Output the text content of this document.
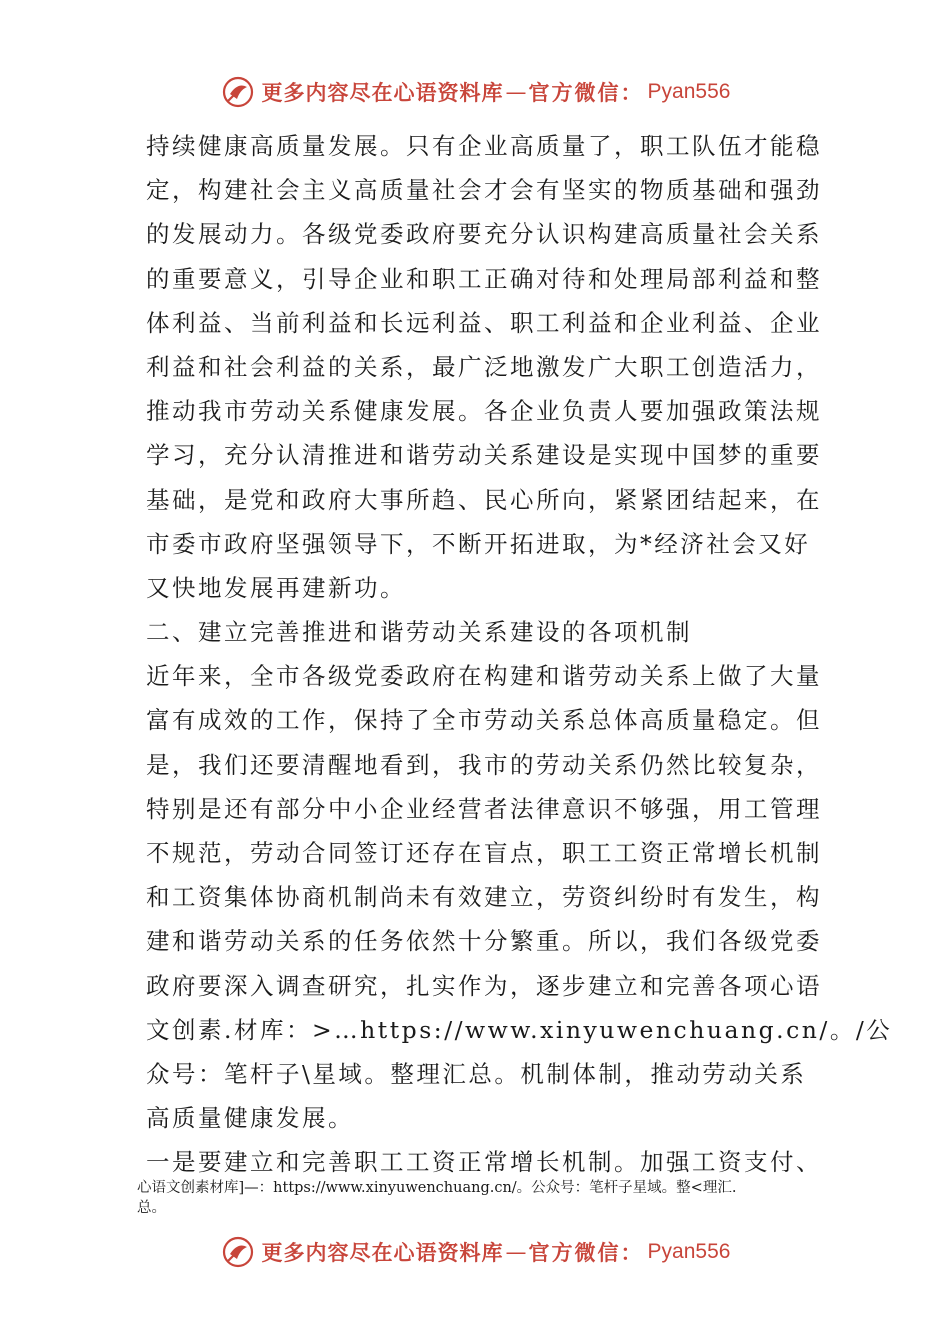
更多内容尽在心语资料库 — 官方微信： Pyan556
持续健康高质量发展。只有企业高质量了，职工队伍才能稳
定，构建社会主义高质量社会才会有坚实的物质基础和强劲
的发展动力。各级党委政府要充分认识构建高质量社会关系
的重要意义，引导企业和职工正确对待和处理局部利益和整
体利益、当前利益和长远利益、职工利益和企业利益、企业
利益和社会利益的关系，最广泛地激发广大职工创造活力，
推动我市劳动关系健康发展。各企业负责人要加强政策法规
学习，充分认清推进和谐劳动关系建设是实现中国梦的重要
基础，是党和政府大事所趋、民心所向，紧紧团结起来，在
市委市政府坚强领导下，不断开拓进取，为*经济社会又好
又快地发展再建新功。
二、建立完善推进和谐劳动关系建设的各项机制
近年来，全市各级党委政府在构建和谐劳动关系上做了大量
富有成效的工作，保持了全市劳动关系总体高质量稳定。但
是，我们还要清醒地看到，我市的劳动关系仍然比较复杂，
特别是还有部分中小企业经营者法律意识不够强，用工管理
不规范，劳动合同签订还存在盲点，职工工资正常增长机制
和工资集体协商机制尚未有效建立，劳资纠纷时有发生，构
建和谐劳动关系的任务依然十分繁重。所以，我们各级党委
政府要深入调查研究，扎实作为，逐步建立和完善各项心语
文创素.材库：>…https://www.xinyuwenchuang.cn/。/公
众号：笔杆子\星域。整理汇总。机制体制，推动劳动关系
高质量健康发展。
一是要建立和完善职工工资正常增长机制。加强工资支付、
心语文创素材库]—：https://www.xinyuwenchuang.cn/。公众号：笔杆子星域。整<理汇.
总。
更多内容尽在心语资料库 — 官方微信： Pyan556
